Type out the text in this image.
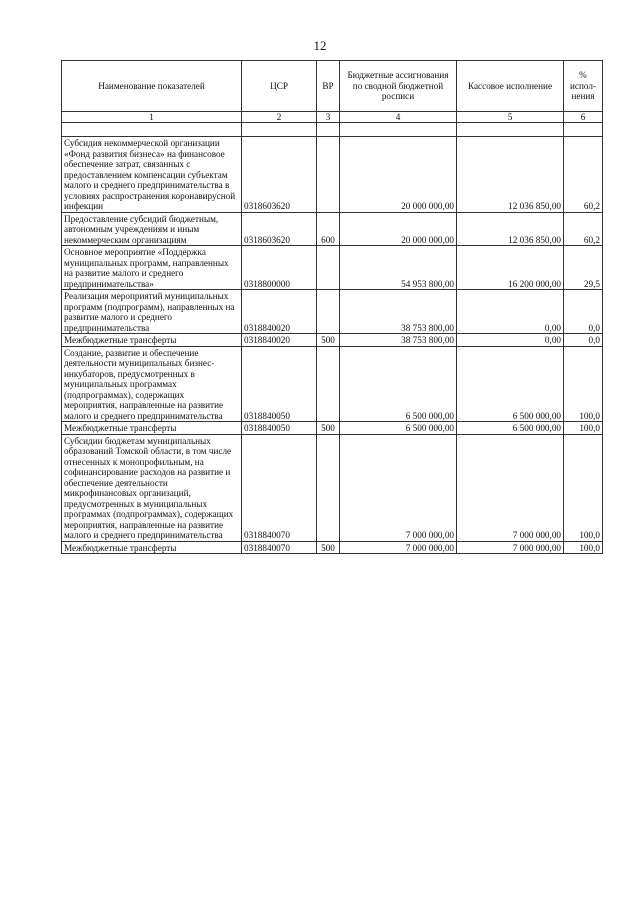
12
Наименование показателей	ЦСР	ВР	Бюджетные ассигнования по сводной бюджетной росписи	Кассовое исполнение	% испол-нения
1	2	3	4	5	6

Субсидия некоммерческой организации «Фонд развития бизнеса» на финансовое обеспечение затрат, связанных с предоставлением компенсации субъектам малого и среднего предпринимательства в условиях распространения коронавирусной инфекции	0318603620		20 000 000,00	12 036 850,00	60,2
Предоставление субсидий бюджетным, автономным учреждениям и иным некоммерческим организациям	0318603620	600	20 000 000,00	12 036 850,00	60,2
Основное мероприятие «Поддержка муниципальных программ, направленных на развитие малого и среднего предпринимательства»	0318800000		54 953 800,00	16 200 000,00	29,5
Реализация мероприятий муниципальных программ (подпрограмм), направленных на развитие малого и среднего предпринимательства	0318840020		38 753 800,00	0,00	0,0
Межбюджетные трансферты	0318840020	500	38 753 800,00	0,00	0,0
Создание, развитие и обеспечение деятельности муниципальных бизнес-инкубаторов, предусмотренных в муниципальных программах (подпрограммах), содержащих мероприятия, направленные на развитие малого и среднего предпринимательства	0318840050		6 500 000,00	6 500 000,00	100,0
Межбюджетные трансферты	0318840050	500	6 500 000,00	6 500 000,00	100,0
Субсидии бюджетам муниципальных образований Томской области, в том числе отнесенных к монопрофильным, на софинансирование расходов на развитие и обеспечение деятельности микрофинансовых организаций, предусмотренных в муниципальных программах (подпрограммах), содержащих мероприятия, направленные на развитие малого и среднего предпринимательства	0318840070		7 000 000,00	7 000 000,00	100,0
Межбюджетные трансферты	0318840070	500	7 000 000,00	7 000 000,00	100,0
